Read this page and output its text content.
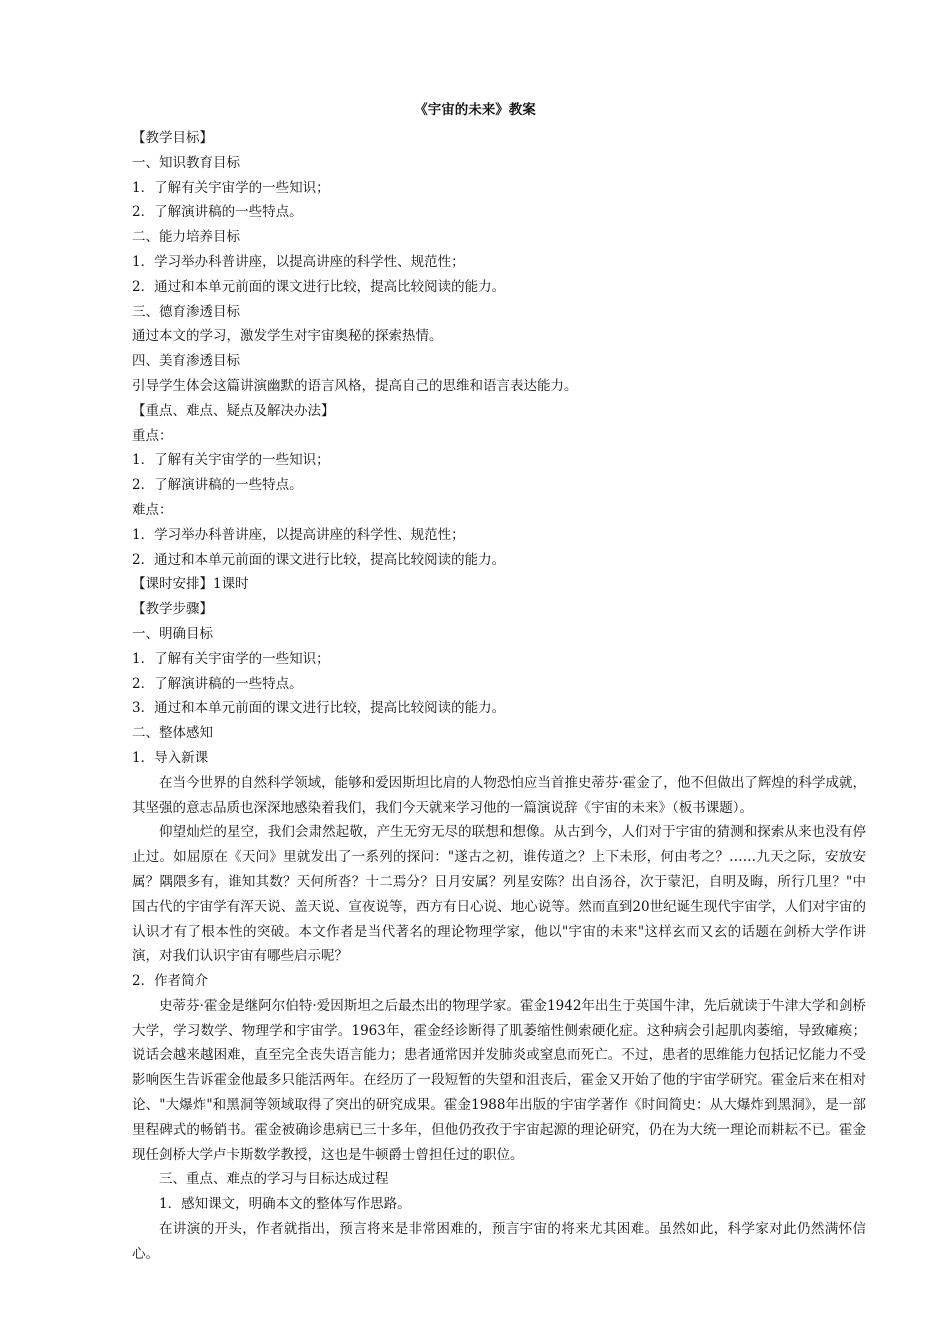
《宇宙的未来》教案

【教学目标】

一、知识教育目标

1．了解有关宇宙学的一些知识；

2．了解演讲稿的一些特点。

二、能力培养目标

1．学习举办科普讲座，以提高讲座的科学性、规范性；

2．通过和本单元前面的课文进行比较，提高比较阅读的能力。

三、德育渗透目标

通过本文的学习，激发学生对宇宙奥秘的探索热情。

四、美育渗透目标

引导学生体会这篇讲演幽默的语言风格，提高自己的思维和语言表达能力。

【重点、难点、疑点及解决办法】

重点：

1．了解有关宇宙学的一些知识；

2．了解演讲稿的一些特点。

难点：

1．学习举办科普讲座，以提高讲座的科学性、规范性；

2．通过和本单元前面的课文进行比较，提高比较阅读的能力。

【课时安排】1课时

【教学步骤】

一、明确目标

1．了解有关宇宙学的一些知识；

2．了解演讲稿的一些特点。

3．通过和本单元前面的课文进行比较，提高比较阅读的能力。

二、整体感知

1．导入新课

在当今世界的自然科学领域，能够和爱因斯坦比肩的人物恐怕应当首推史蒂芬·霍金了，他不但做出了辉煌的科学成就，其坚强的意志品质也深深地感染着我们，我们今天就来学习他的一篇演说辞《宇宙的未来》（板书课题）。

仰望灿烂的星空，我们会肃然起敬，产生无穷无尽的联想和想像。从古到今，人们对于宇宙的猜测和探索从来也没有停止过。如屈原在《天问》里就发出了一系列的探问："遂古之初，谁传道之？上下未形，何由考之？……九天之际，安放安属？隅隈多有，谁知其数？天何所沓？十二焉分？日月安属？列星安陈？出自汤谷，次于蒙汜，自明及晦，所行几里？"中国古代的宇宙学有浑天说、盖天说、宣夜说等，西方有日心说、地心说等。然而直到20世纪诞生现代宇宙学，人们对宇宙的认识才有了根本性的突破。本文作者是当代著名的理论物理学家，他以"宇宙的未来"这样玄而又玄的话题在剑桥大学作讲演，对我们认识宇宙有哪些启示呢？

2．作者简介

史蒂芬·霍金是继阿尔伯特·爱因斯坦之后最杰出的物理学家。霍金1942年出生于英国牛津，先后就读于牛津大学和剑桥大学，学习数学、物理学和宇宙学。1963年，霍金经诊断得了肌萎缩性侧索硬化症。这种病会引起肌肉萎缩，导致瘫痪；说话会越来越困难，直至完全丧失语言能力；患者通常因并发肺炎或窒息而死亡。不过，患者的思维能力包括记忆能力不受影响医生告诉霍金他最多只能活两年。在经历了一段短暂的失望和沮丧后，霍金又开始了他的宇宙学研究。霍金后来在相对论、"大爆炸"和黑洞等领域取得了突出的研究成果。霍金1988年出版的宇宙学著作《时间简史：从大爆炸到黑洞》，是一部里程碑式的畅销书。霍金被确诊患病已三十多年，但他仍孜孜于宇宙起源的理论研究，仍在为大统一理论而耕耘不已。霍金现任剑桥大学卢卡斯数学教授，这也是牛顿爵士曾担任过的职位。

三、重点、难点的学习与目标达成过程

1．感知课文，明确本文的整体写作思路。

在讲演的开头，作者就指出，预言将来是非常困难的，预言宇宙的将来尤其困难。虽然如此，科学家对此仍然满怀信心。
